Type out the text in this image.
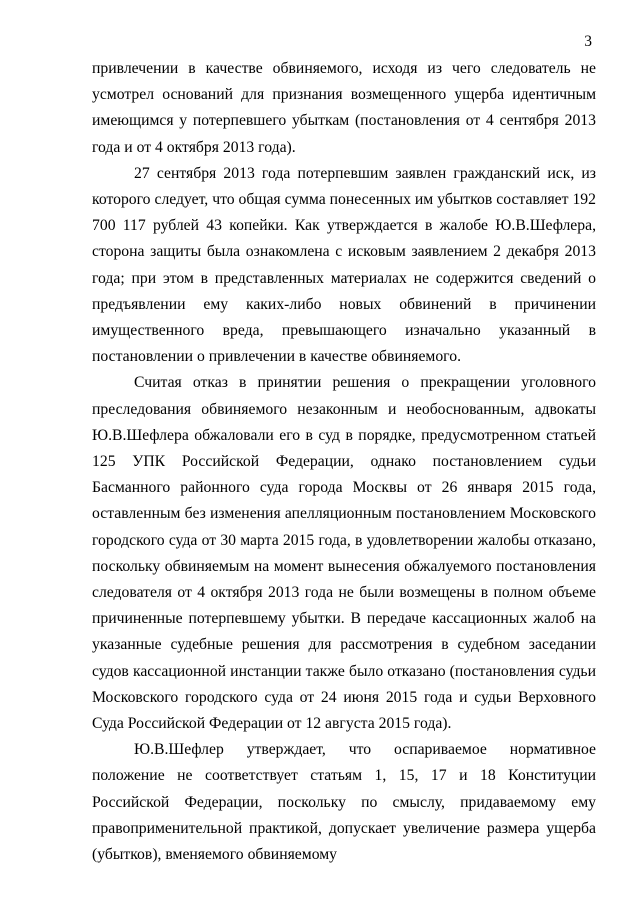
3

привлечении в качестве обвиняемого, исходя из чего следователь не усмотрел оснований для признания возмещенного ущерба идентичным имеющимся у потерпевшего убыткам (постановления от 4 сентября 2013 года и от 4 октября 2013 года).

27 сентября 2013 года потерпевшим заявлен гражданский иск, из которого следует, что общая сумма понесенных им убытков составляет 192 700 117 рублей 43 копейки. Как утверждается в жалобе Ю.В.Шефлера, сторона защиты была ознакомлена с исковым заявлением 2 декабря 2013 года; при этом в представленных материалах не содержится сведений о предъявлении ему каких-либо новых обвинений в причинении имущественного вреда, превышающего изначально указанный в постановлении о привлечении в качестве обвиняемого.

Считая отказ в принятии решения о прекращении уголовного преследования обвиняемого незаконным и необоснованным, адвокаты Ю.В.Шефлера обжаловали его в суд в порядке, предусмотренном статьей 125 УПК Российской Федерации, однако постановлением судьи Басманного районного суда города Москвы от 26 января 2015 года, оставленным без изменения апелляционным постановлением Московского городского суда от 30 марта 2015 года, в удовлетворении жалобы отказано, поскольку обвиняемым на момент вынесения обжалуемого постановления следователя от 4 октября 2013 года не были возмещены в полном объеме причиненные потерпевшему убытки. В передаче кассационных жалоб на указанные судебные решения для рассмотрения в судебном заседании судов кассационной инстанции также было отказано (постановления судьи Московского городского суда от 24 июня 2015 года и судьи Верховного Суда Российской Федерации от 12 августа 2015 года).

Ю.В.Шефлер утверждает, что оспариваемое нормативное положение не соответствует статьям 1, 15, 17 и 18 Конституции Российской Федерации, поскольку по смыслу, придаваемому ему правоприменительной практикой, допускает увеличение размера ущерба (убытков), вменяемого обвиняемому
